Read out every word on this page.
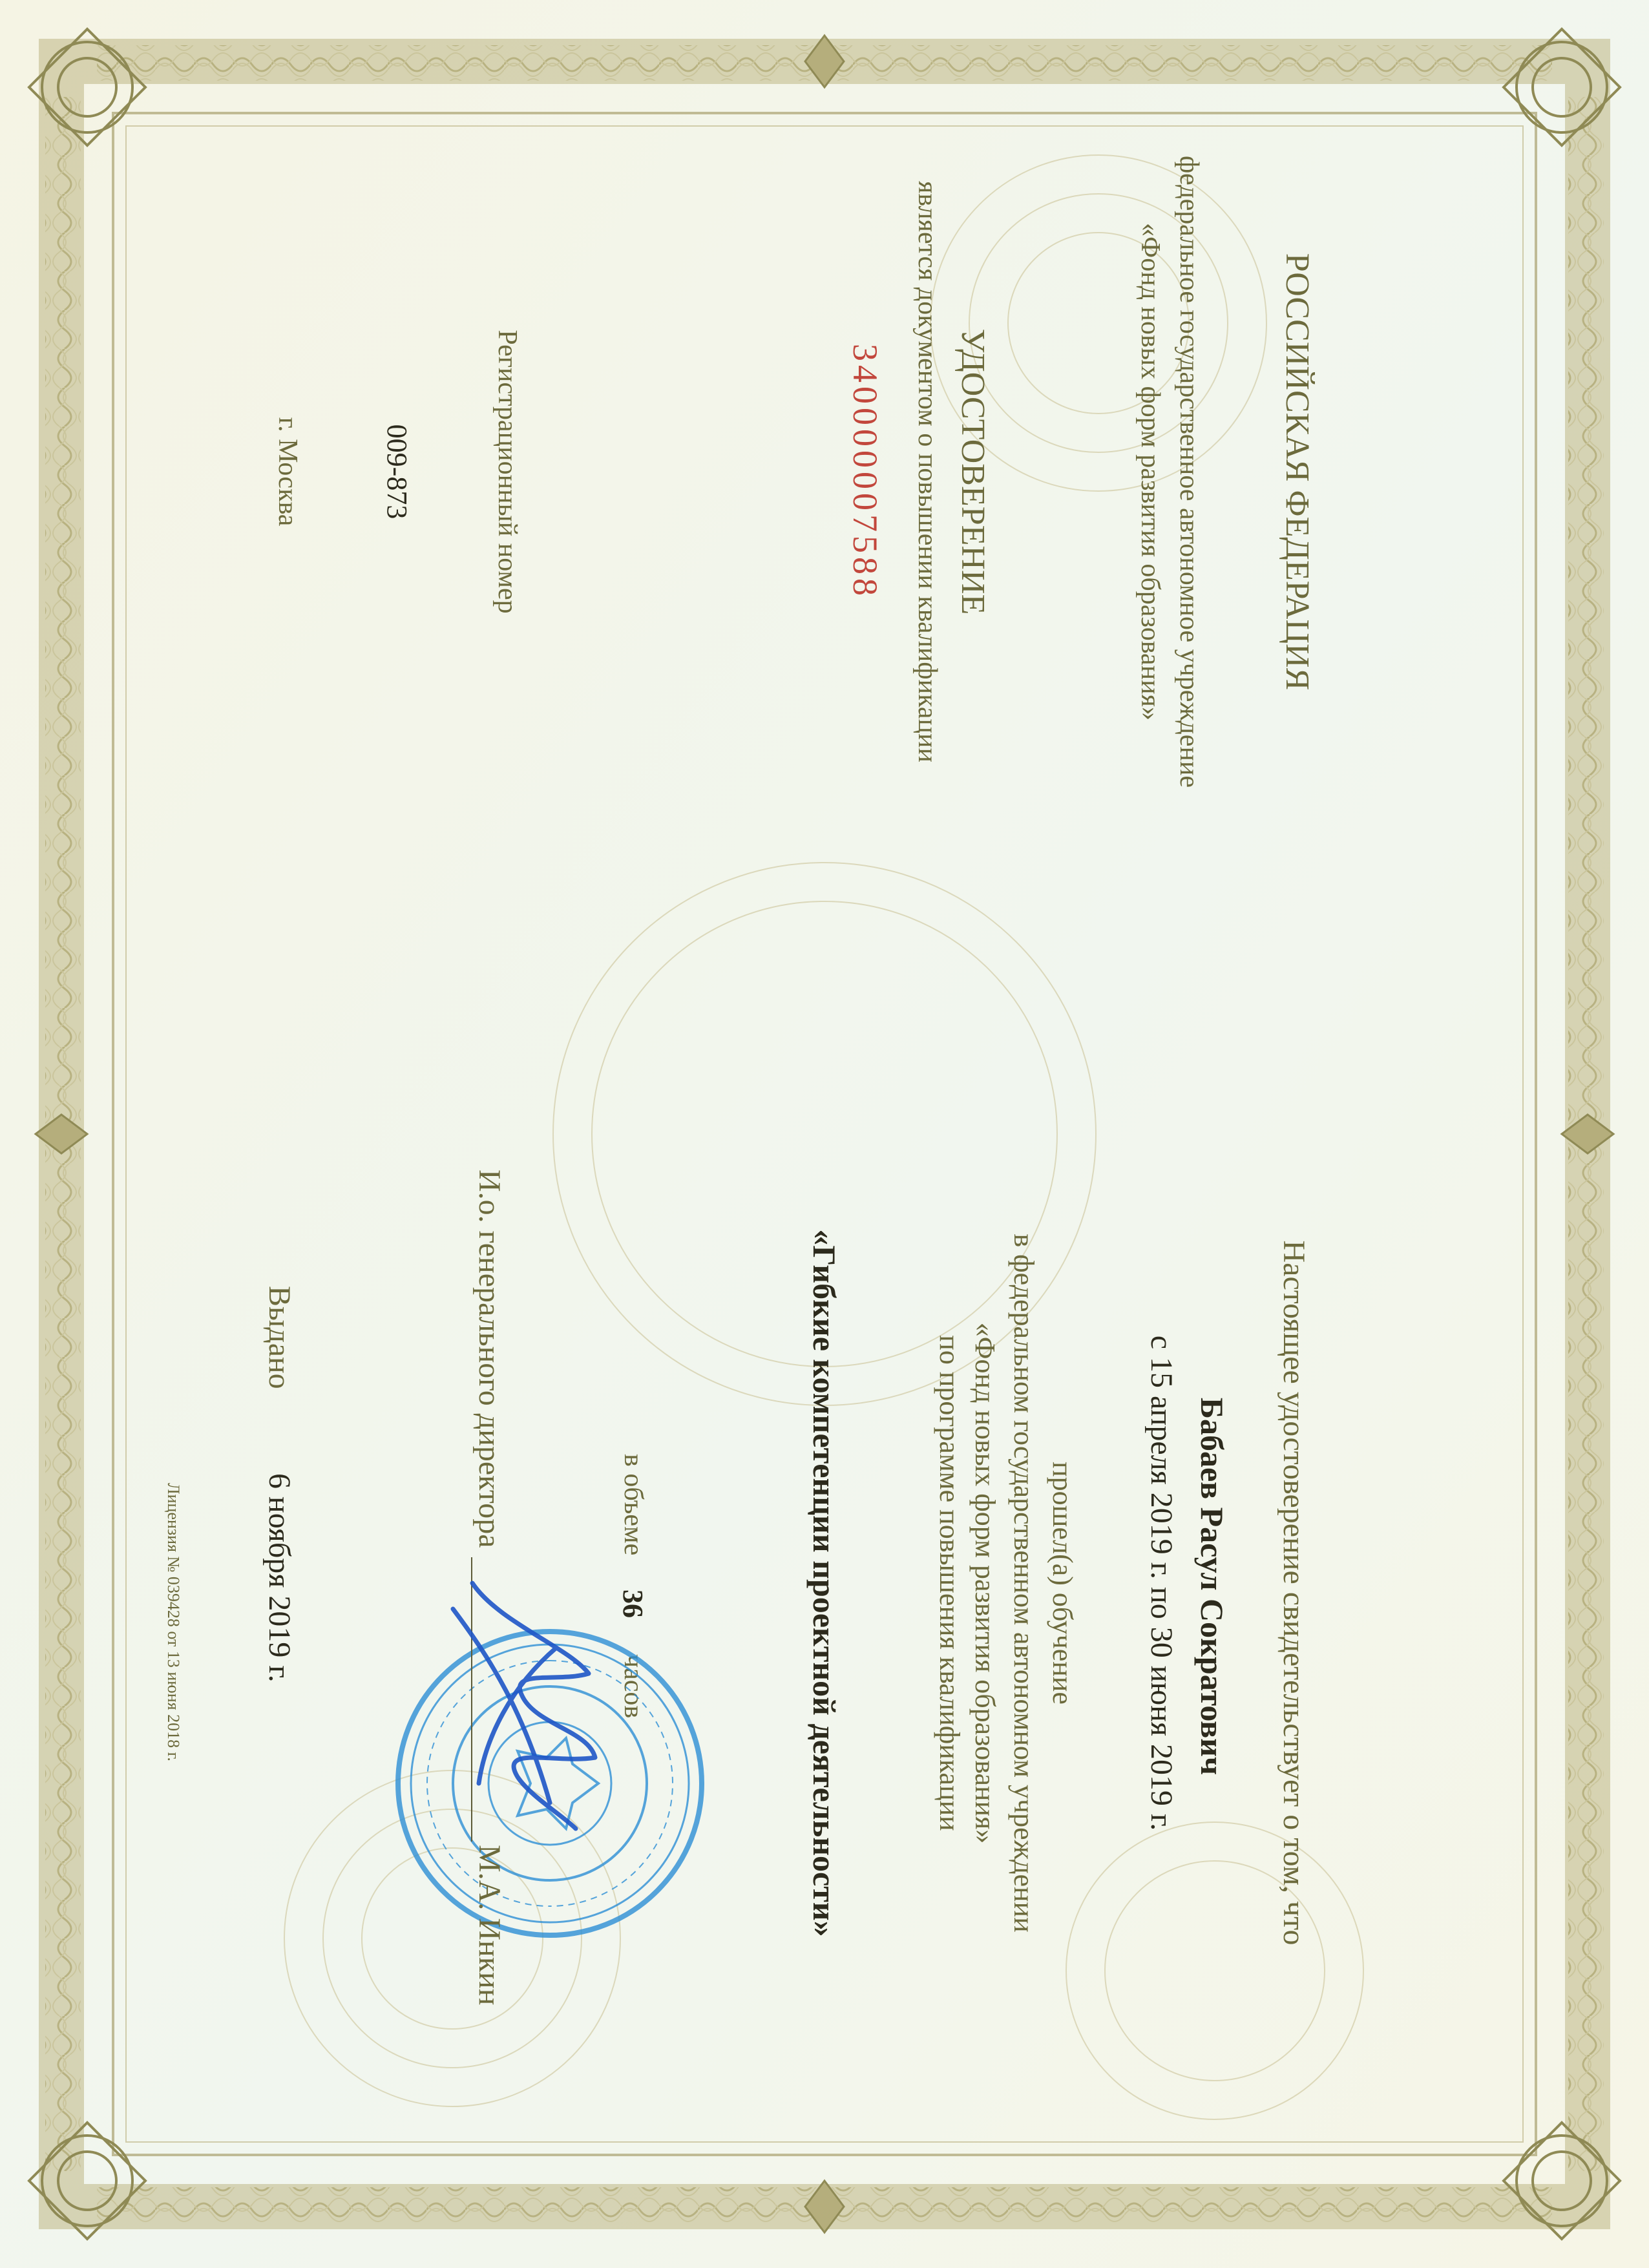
РОССИЙСКАЯ ФЕДЕРАЦИЯ
федеральное государственное автономное учреждение
«Фонд новых форм развития образования»
УДОСТОВЕРЕНИЕ
является документом о повышении квалификации
340000007588
Регистрационный номер
009-873
г. Москва
Настоящее удостоверение свидетельствует о том, что
Бабаев Расул Сократович
с 15 апреля 2019 г. по 30 июня 2019 г.
прошел(а) обучение
в федеральном государственном автономном учреждении
«Фонд новых форм развития образования»
по программе повышения квалификации
«Гибкие компетенции проектной деятельности»
в объеме
36
часов
И.о. генерального директора
М.А. Инкин
Выдано
6 ноября 2019 г.
Лицензия № 039428 от 13 июня 2018 г.
